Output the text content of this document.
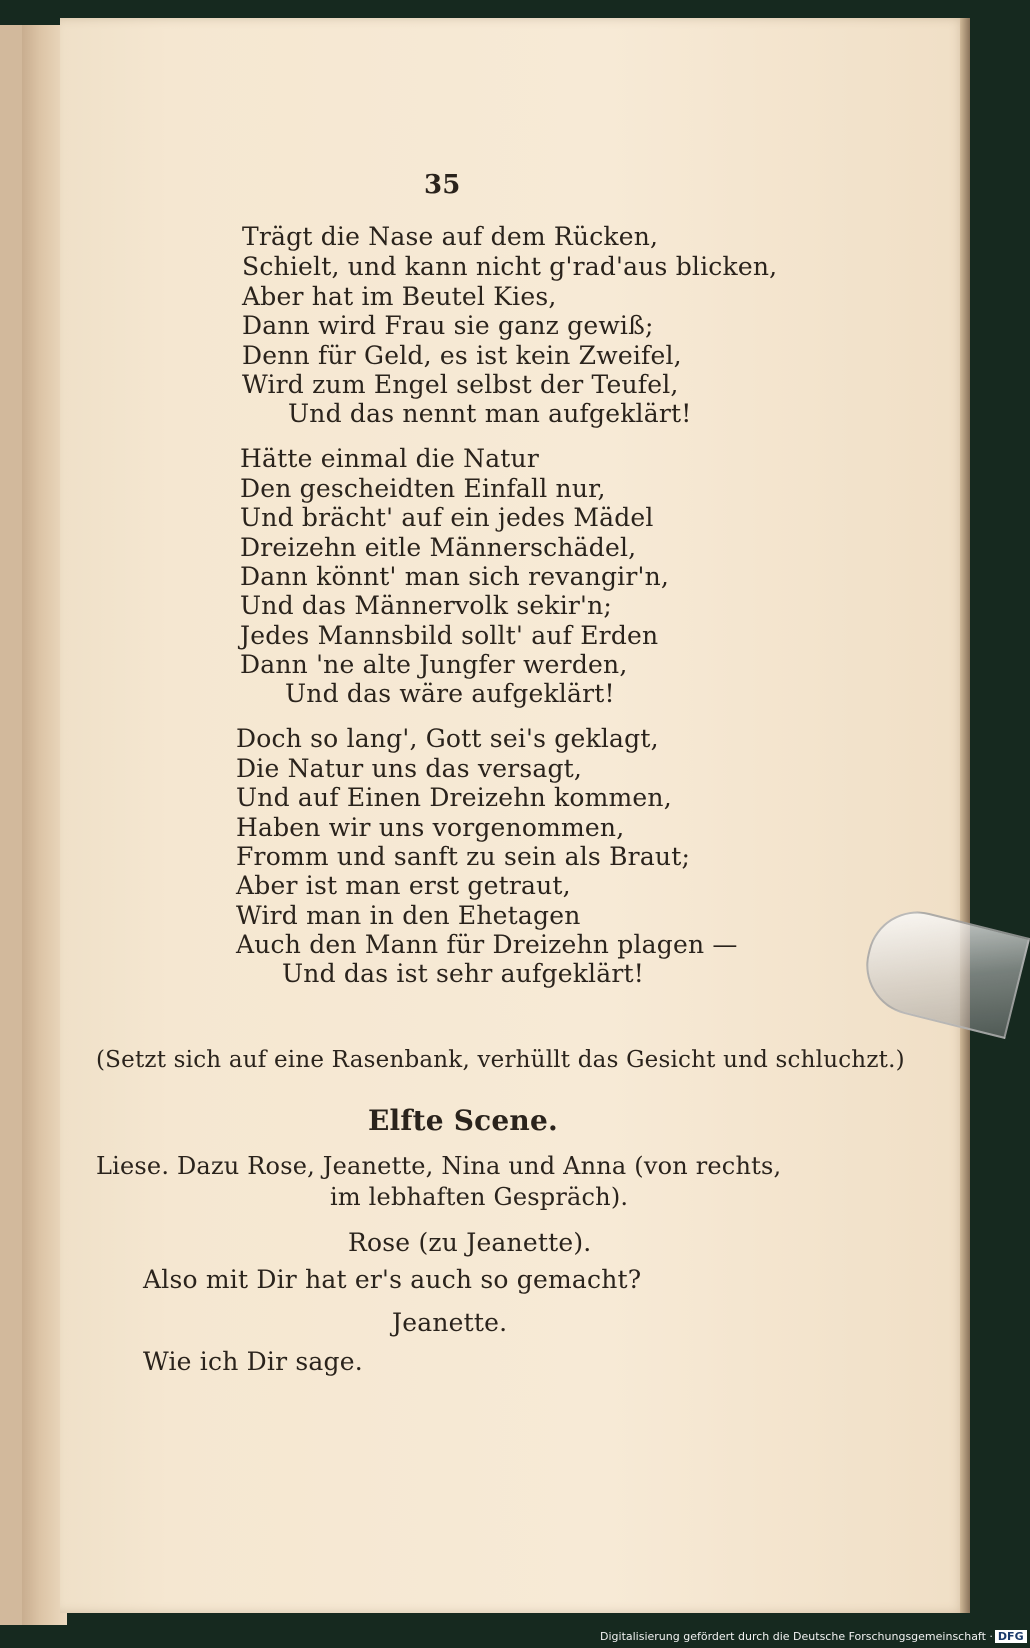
35
Trägt die Nase auf dem Rücken,
Schielt, und kann nicht g'rad'aus blicken,
Aber hat im Beutel Kies,
Dann wird Frau sie ganz gewiß;
Denn für Geld, es ist kein Zweifel,
Wird zum Engel selbst der Teufel,
Und das nennt man aufgeklärt!
Hätte einmal die Natur
Den gescheidten Einfall nur,
Und brächt' auf ein jedes Mädel
Dreizehn eitle Männerschädel,
Dann könnt' man sich revangir'n,
Und das Männervolk sekir'n;
Jedes Mannsbild sollt' auf Erden
Dann 'ne alte Jungfer werden,
Und das wäre aufgeklärt!
Doch so lang', Gott sei's geklagt,
Die Natur uns das versagt,
Und auf Einen Dreizehn kommen,
Haben wir uns vorgenommen,
Fromm und sanft zu sein als Braut;
Aber ist man erst getraut,
Wird man in den Ehetagen
Auch den Mann für Dreizehn plagen —
Und das ist sehr aufgeklärt!
(Setzt sich auf eine Rasenbank, verhüllt das Gesicht und schluchzt.)
Elfte Scene.
Liese. Dazu Rose, Jeanette, Nina und Anna (von rechts,
im lebhaften Gespräch).
Rose (zu Jeanette).
Also mit Dir hat er's auch so gemacht?
Jeanette.
Wie ich Dir sage.
Digitalisierung gefördert durch die Deutsche Forschungsgemeinschaft · DFG
